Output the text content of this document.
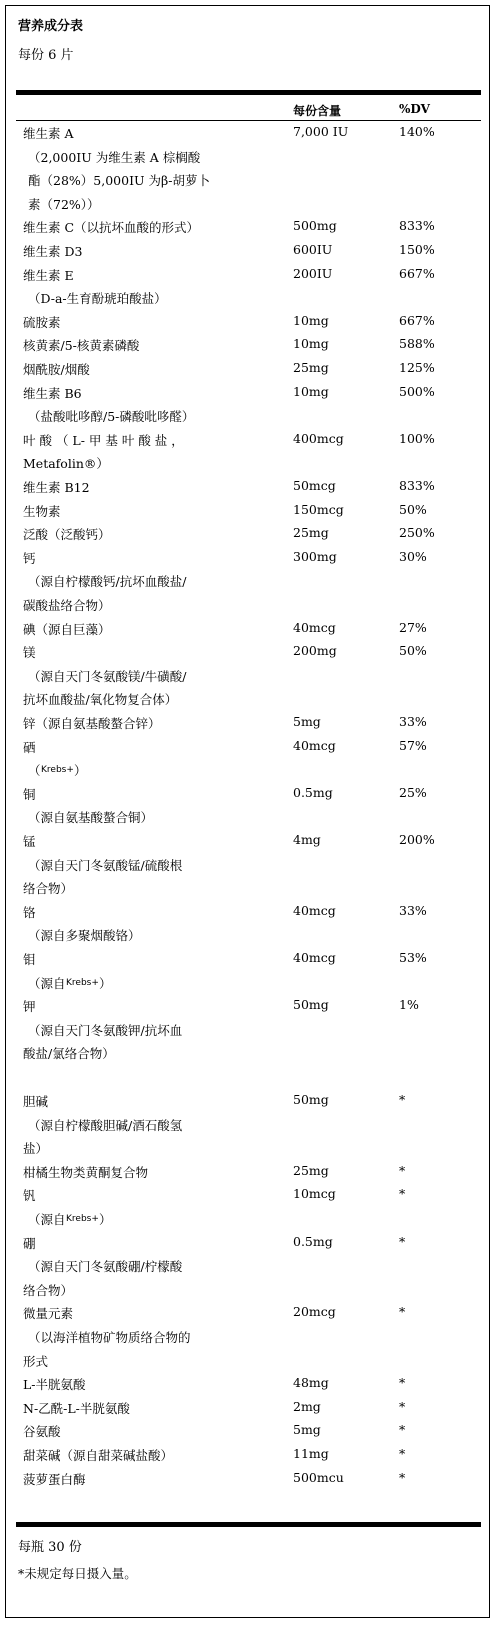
营养成分表
每份 6 片
每份含量	%DV
维生素 A	7,000 IU	140%
（2,000IU 为维生素 A 棕榈酸
酯（28%）5,000IU 为β-胡萝卜
素（72%））
维生素 C（以抗坏血酸的形式）	500mg	833%
维生素 D3	600IU	150%
维生素 E	200IU	667%
（D-a-生育酚琥珀酸盐）
硫胺素	10mg	667%
核黄素/5-核黄素磷酸	10mg	588%
烟酰胺/烟酸	25mg	125%
维生素 B6	10mg	500%
（盐酸吡哆醇/5-磷酸吡哆醛）
叶 酸 （ L- 甲 基 叶 酸 盐 ，	400mcg	100%
Metafolin®）
维生素 B12	50mcg	833%
生物素	150mcg	50%
泛酸（泛酸钙）	25mg	250%
钙	300mg	30%
（源自柠檬酸钙/抗坏血酸盐/
碳酸盐络合物）
碘（源自巨藻）	40mcg	27%
镁	200mg	50%
（源自天门冬氨酸镁/牛磺酸/
抗坏血酸盐/氧化物复合体）
锌（源自氨基酸螯合锌）	5mg	33%
硒	40mcg	57%
（ Krebs+ ）
铜	0.5mg	25%
（源自氨基酸螯合铜）
锰	4mg	200%
（源自天门冬氨酸锰/硫酸根
络合物）
铬	40mcg	33%
（源自多聚烟酸铬）
钼	40mcg	53%
（源自 Krebs+ ）
钾	50mg	1%
（源自天门冬氨酸钾/抗坏血
酸盐/氯络合物）
胆碱	50mg	*
（源自柠檬酸胆碱/酒石酸氢
盐）
柑橘生物类黄酮复合物	25mg	*
钒	10mcg	*
（源自 Krebs+ ）
硼	0.5mg	*
（源自天门冬氨酸硼/柠檬酸
络合物）
微量元素	20mcg	*
（以海洋植物矿物质络合物的
形式
L-半胱氨酸	48mg	*
N-乙酰-L-半胱氨酸	2mg	*
谷氨酸	5mg	*
甜菜碱（源自甜菜碱盐酸）	11mg	*
菠萝蛋白酶	500mcu	*
每瓶 30 份
*未规定每日摄入量。
